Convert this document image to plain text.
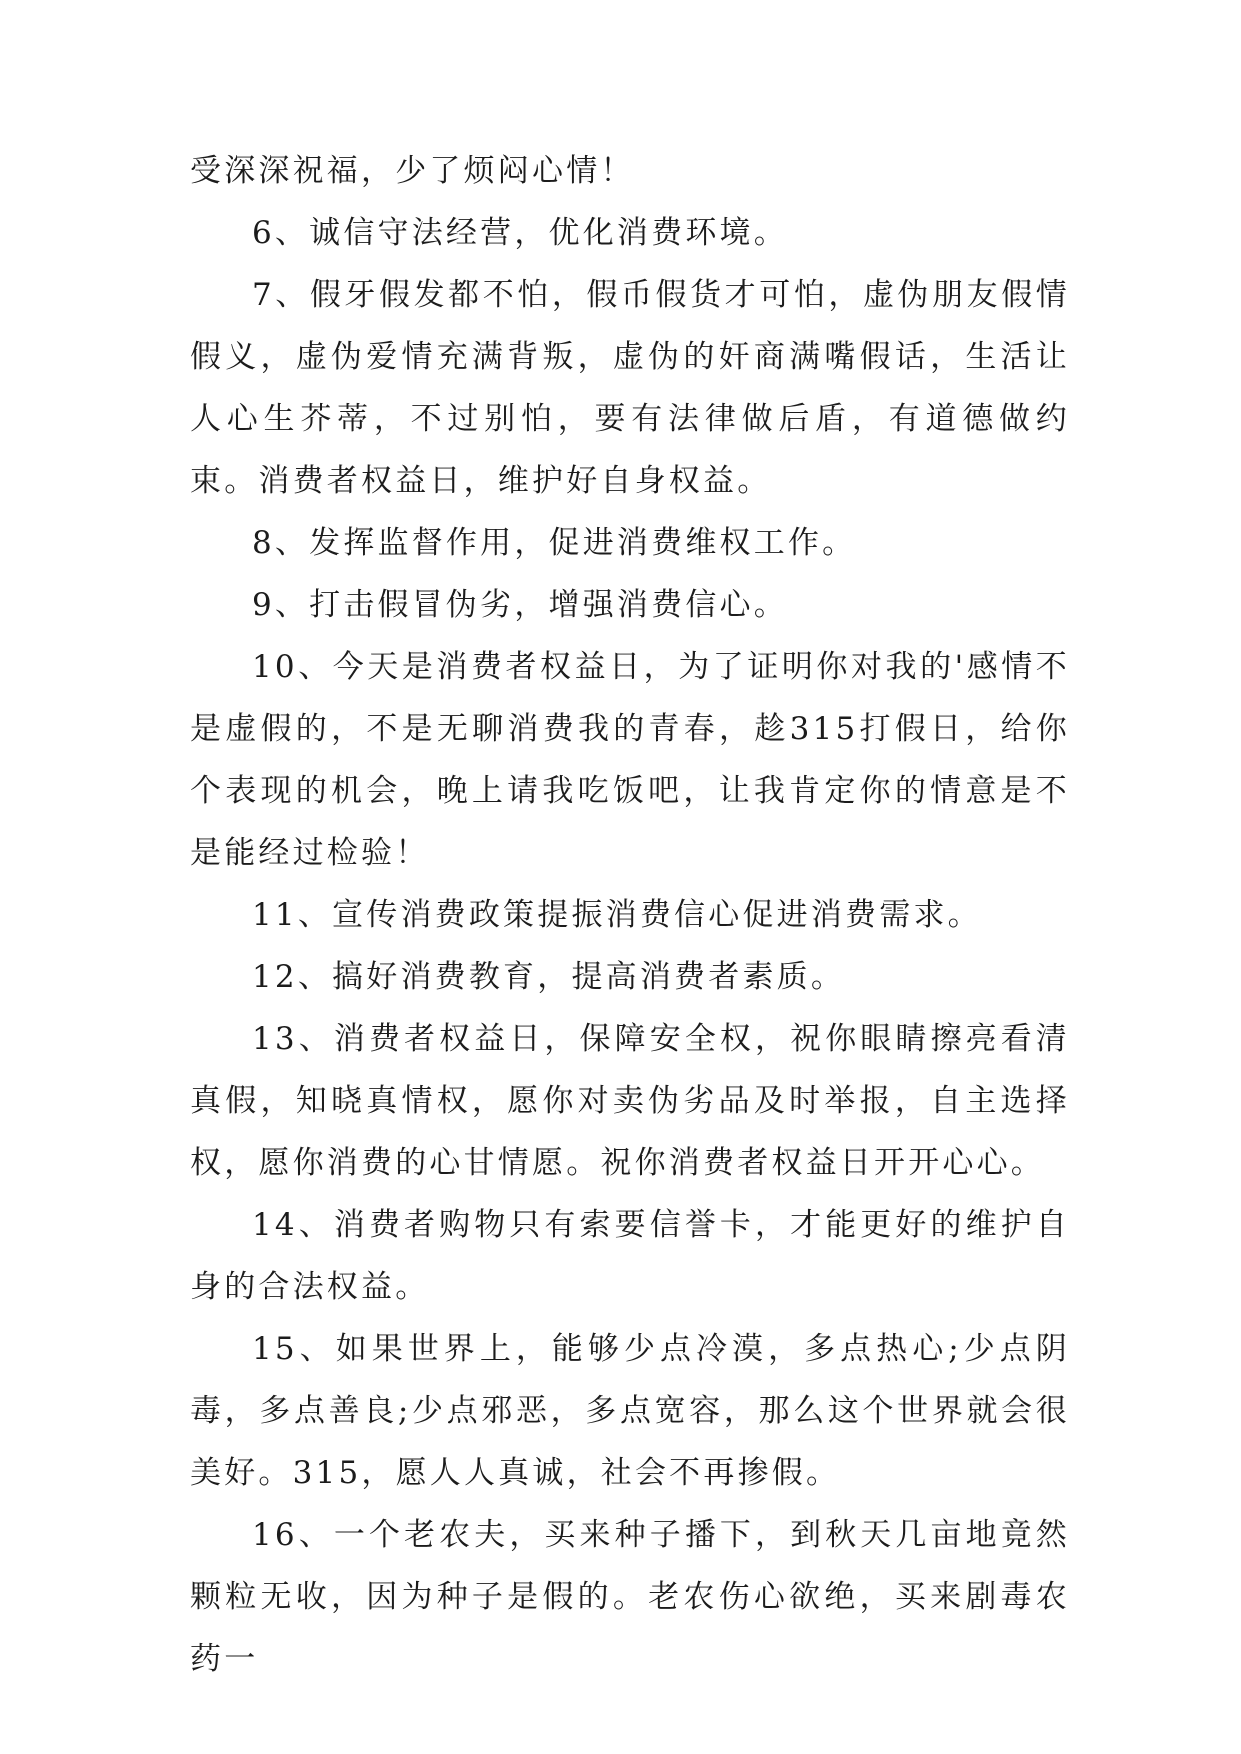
受深深祝福，少了烦闷心情！

6、诚信守法经营，优化消费环境。

7、假牙假发都不怕，假币假货才可怕，虚伪朋友假情假义，虚伪爱情充满背叛，虚伪的奸商满嘴假话，生活让人心生芥蒂，不过别怕，要有法律做后盾，有道德做约束。消费者权益日，维护好自身权益。

8、发挥监督作用，促进消费维权工作。

9、打击假冒伪劣，增强消费信心。

10、今天是消费者权益日，为了证明你对我的'感情不是虚假的，不是无聊消费我的青春，趁315打假日，给你个表现的机会，晚上请我吃饭吧，让我肯定你的情意是不是能经过检验！

11、宣传消费政策提振消费信心促进消费需求。

12、搞好消费教育，提高消费者素质。

13、消费者权益日，保障安全权，祝你眼睛擦亮看清真假，知晓真情权，愿你对卖伪劣品及时举报，自主选择权，愿你消费的心甘情愿。祝你消费者权益日开开心心。

14、消费者购物只有索要信誉卡，才能更好的维护自身的合法权益。

15、如果世界上，能够少点冷漠，多点热心;少点阴毒，多点善良;少点邪恶，多点宽容，那么这个世界就会很美好。315，愿人人真诚，社会不再掺假。

16、一个老农夫，买来种子播下，到秋天几亩地竟然颗粒无收，因为种子是假的。老农伤心欲绝，买来剧毒农药一
